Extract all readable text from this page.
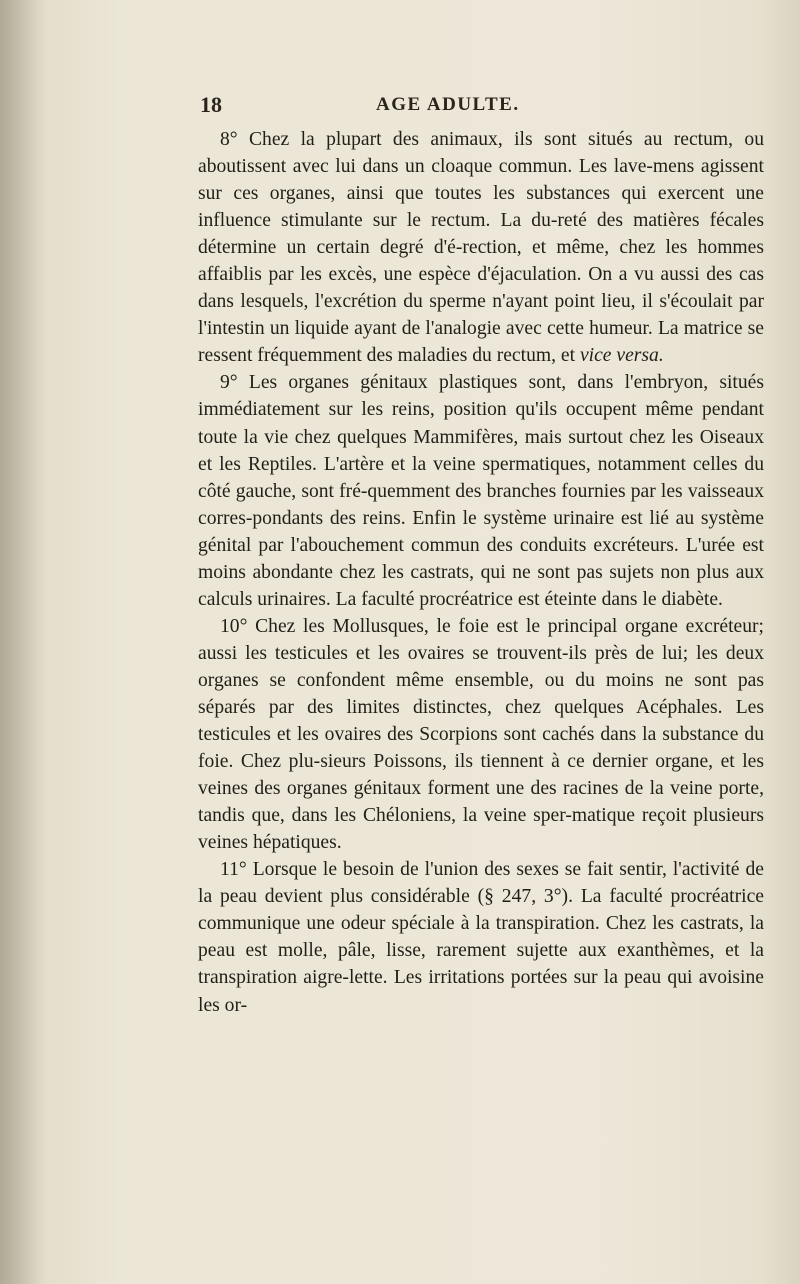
18	AGE ADULTE.

8° Chez la plupart des animaux, ils sont situés au rectum, ou aboutissent avec lui dans un cloaque commun. Les lave-mens agissent sur ces organes, ainsi que toutes les substances qui exercent une influence stimulante sur le rectum. La du-reté des matières fécales détermine un certain degré d'é-rection, et même, chez les hommes affaiblis par les excès, une espèce d'éjaculation. On a vu aussi des cas dans lesquels, l'excrétion du sperme n'ayant point lieu, il s'écoulait par l'intestin un liquide ayant de l'analogie avec cette humeur. La matrice se ressent fréquemment des maladies du rectum, et vice versa.

9° Les organes génitaux plastiques sont, dans l'embryon, situés immédiatement sur les reins, position qu'ils occupent même pendant toute la vie chez quelques Mammifères, mais surtout chez les Oiseaux et les Reptiles. L'artère et la veine spermatiques, notamment celles du côté gauche, sont fré-quemment des branches fournies par les vaisseaux corres-pondants des reins. Enfin le système urinaire est lié au système génital par l'abouchement commun des conduits excréteurs. L'urée est moins abondante chez les castrats, qui ne sont pas sujets non plus aux calculs urinaires. La faculté procréatrice est éteinte dans le diabète.

10° Chez les Mollusques, le foie est le principal organe excréteur; aussi les testicules et les ovaires se trouvent-ils près de lui; les deux organes se confondent même ensemble, ou du moins ne sont pas séparés par des limites distinctes, chez quelques Acéphales. Les testicules et les ovaires des Scorpions sont cachés dans la substance du foie. Chez plu-sieurs Poissons, ils tiennent à ce dernier organe, et les veines des organes génitaux forment une des racines de la veine porte, tandis que, dans les Chéloniens, la veine sper-matique reçoit plusieurs veines hépatiques.

11° Lorsque le besoin de l'union des sexes se fait sentir, l'activité de la peau devient plus considérable (§ 247, 3°). La faculté procréatrice communique une odeur spéciale à la transpiration. Chez les castrats, la peau est molle, pâle, lisse, rarement sujette aux exanthèmes, et la transpiration aigre-lette. Les irritations portées sur la peau qui avoisine les or-
